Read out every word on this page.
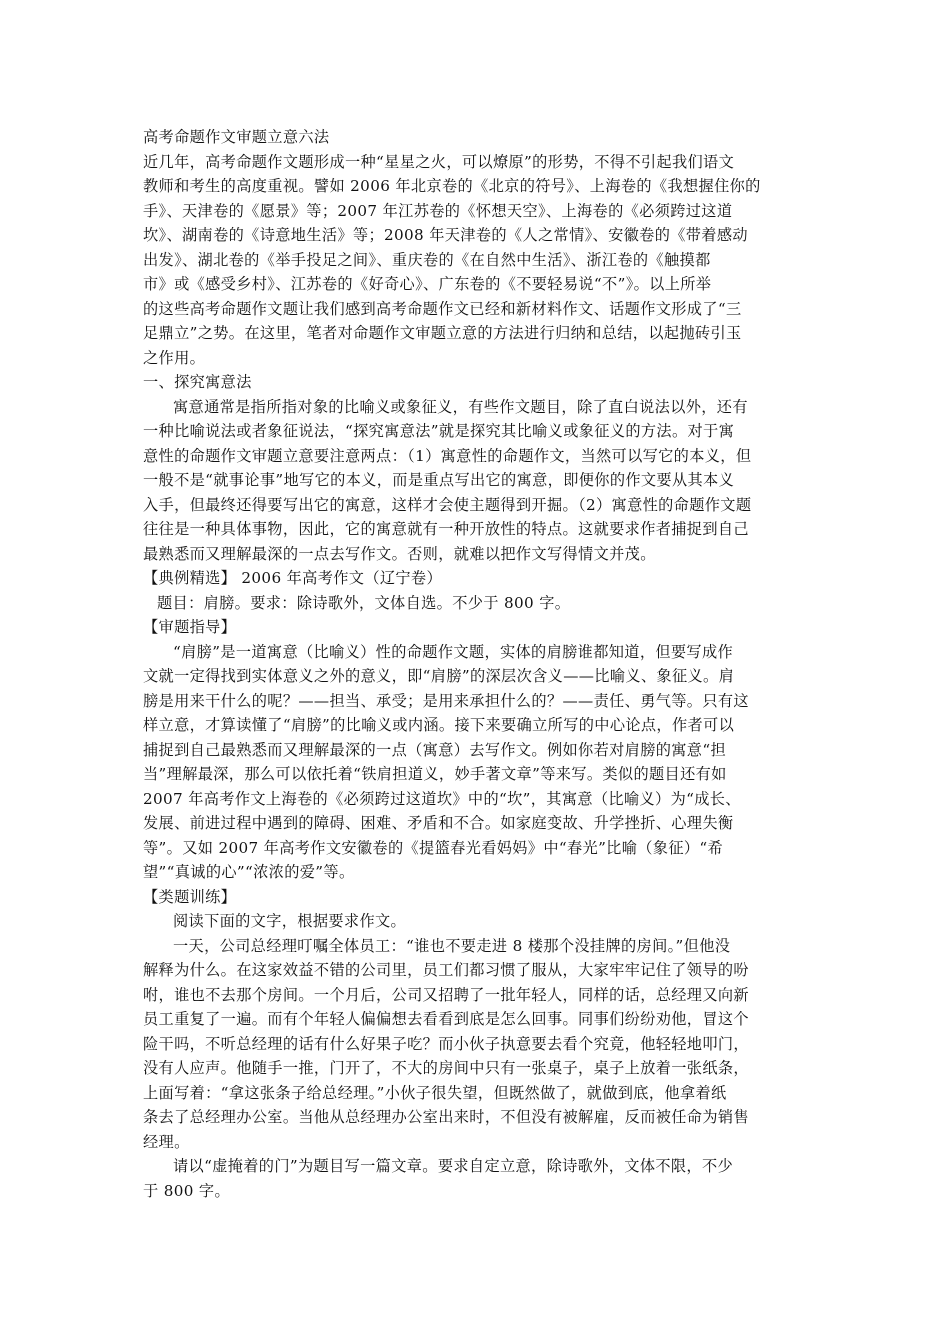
高考命题作文审题立意六法
近几年，高考命题作文题形成一种“星星之火，可以燎原”的形势，不得不引起我们语文
教师和考生的高度重视。譬如 2006 年北京卷的《北京的符号》、上海卷的《我想握住你的
手》、天津卷的《愿景》等；2007 年江苏卷的《怀想天空》、上海卷的《必须跨过这道
坎》、湖南卷的《诗意地生活》等；2008 年天津卷的《人之常情》、安徽卷的《带着感动
出发》、湖北卷的《举手投足之间》、重庆卷的《在自然中生活》、浙江卷的《触摸都
市》或《感受乡村》、江苏卷的《好奇心》、广东卷的《不要轻易说“不”》。以上所举
的这些高考命题作文题让我们感到高考命题作文已经和新材料作文、话题作文形成了“三
足鼎立”之势。在这里，笔者对命题作文审题立意的方法进行归纳和总结，以起抛砖引玉
之作用。
一、探究寓意法
寓意通常是指所指对象的比喻义或象征义，有些作文题目，除了直白说法以外，还有
一种比喻说法或者象征说法，“探究寓意法”就是探究其比喻义或象征义的方法。对于寓
意性的命题作文审题立意要注意两点：（1）寓意性的命题作文，当然可以写它的本义，但
一般不是“就事论事”地写它的本义，而是重点写出它的寓意，即便你的作文要从其本义
入手，但最终还得要写出它的寓意，这样才会使主题得到开掘。（2）寓意性的命题作文题
往往是一种具体事物，因此，它的寓意就有一种开放性的特点。这就要求作者捕捉到自己
最熟悉而又理解最深的一点去写作文。否则，就难以把作文写得情文并茂。
【典例精选】 2006 年高考作文（辽宁卷）
题目：肩膀。要求：除诗歌外，文体自选。不少于 800 字。
【审题指导】
“肩膀”是一道寓意（比喻义）性的命题作文题，实体的肩膀谁都知道，但要写成作
文就一定得找到实体意义之外的意义，即“肩膀”的深层次含义——比喻义、象征义。肩
膀是用来干什么的呢？——担当、承受；是用来承担什么的？——责任、勇气等。只有这
样立意，才算读懂了“肩膀”的比喻义或内涵。接下来要确立所写的中心论点，作者可以
捕捉到自己最熟悉而又理解最深的一点（寓意）去写作文。例如你若对肩膀的寓意“担
当”理解最深，那么可以依托着“铁肩担道义，妙手著文章”等来写。类似的题目还有如
2007 年高考作文上海卷的《必须跨过这道坎》中的“坎”，其寓意（比喻义）为“成长、
发展、前进过程中遇到的障碍、困难、矛盾和不合。如家庭变故、升学挫折、心理失衡
等”。又如 2007 年高考作文安徽卷的《提篮春光看妈妈》中“春光”比喻（象征）“希
望”“真诚的心”“浓浓的爱”等。
【类题训练】
阅读下面的文字，根据要求作文。
一天，公司总经理叮嘱全体员工：“谁也不要走进 8 楼那个没挂牌的房间。”但他没
解释为什么。在这家效益不错的公司里，员工们都习惯了服从，大家牢牢记住了领导的吩
咐，谁也不去那个房间。一个月后，公司又招聘了一批年轻人，同样的话，总经理又向新
员工重复了一遍。而有个年轻人偏偏想去看看到底是怎么回事。同事们纷纷劝他，冒这个
险干吗，不听总经理的话有什么好果子吃？而小伙子执意要去看个究竟，他轻轻地叩门，
没有人应声。他随手一推，门开了，不大的房间中只有一张桌子，桌子上放着一张纸条，
上面写着：“拿这张条子给总经理。”小伙子很失望，但既然做了，就做到底，他拿着纸
条去了总经理办公室。当他从总经理办公室出来时，不但没有被解雇，反而被任命为销售
经理。
请以“虚掩着的门”为题目写一篇文章。要求自定立意，除诗歌外，文体不限，不少
于 800 字。
